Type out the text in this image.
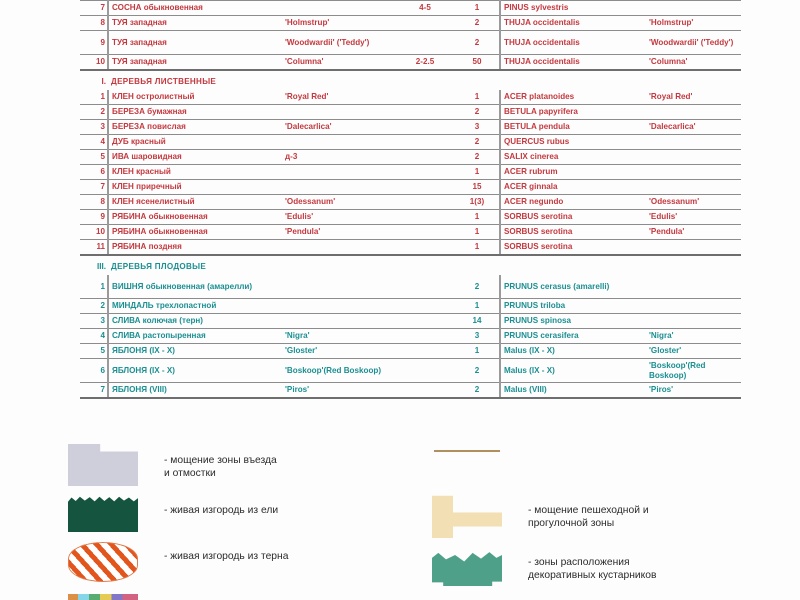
7	СОСНА обыкновенная		4-5	1	PINUS sylvestris	
8	ТУЯ западная	'Holmstrup'		2	THUJA occidentalis	'Holmstrup'
9	ТУЯ западная	'Woodwardii' ('Teddy')		2	THUJA occidentalis	'Woodwardii' ('Teddy')
10	ТУЯ западная	'Columna'	2-2.5	50	THUJA occidentalis	'Columna'
I.	ДЕРЕВЬЯ ЛИСТВЕННЫЕ					
1	КЛЕН остролистный	'Royal Red'		1	ACER platanoides	'Royal Red'
2	БЕРЕЗА бумажная			2	BETULA papyrifera	
3	БЕРЕЗА повислая	'Dalecarlica'		3	BETULA pendula	'Dalecarlica'
4	ДУБ красный			2	QUERCUS rubus	
5	ИВА шаровидная	д-3		2	SALIX cinerea	
6	КЛЕН красный			1	ACER rubrum	
7	КЛЕН приречный			15	ACER ginnala	
8	КЛЕН ясенелистный	'Odessanum'		1(3)	ACER negundo	'Odessanum'
9	РЯБИНА обыкновенная	'Edulis'		1	SORBUS serotina	'Edulis'
10	РЯБИНА обыкновенная	'Pendula'		1	SORBUS serotina	'Pendula'
11	РЯБИНА поздняя			1	SORBUS serotina	
III.	ДЕРЕВЬЯ ПЛОДОВЫЕ					
1	ВИШНЯ обыкновенная (амарелли)			2	PRUNUS cerasus (amarelli)	
2	МИНДАЛЬ трехлопастной			1	PRUNUS triloba	
3	СЛИВА колючая (терн)			14	PRUNUS spinosa	
4	СЛИВА растопыренная	'Nigra'		3	PRUNUS cerasifera	'Nigra'
5	ЯБЛОНЯ (IX - X)	'Gloster'		1	Malus (IX - X)	'Gloster'
6	ЯБЛОНЯ (IX - X)	'Boskoop'(Red Boskoop)		2	Malus (IX - X)	'Boskoop'(Red Boskoop)
7	ЯБЛОНЯ (VIII)	'Piros'		2	Malus (VIII)	'Piros'
- мощение зоны въезда
и отмостки
- живая изгородь из ели
- живая изгородь из терна
- мощение пешеходной и
прогулочной зоны
- зоны расположения
декоративных кустарников
